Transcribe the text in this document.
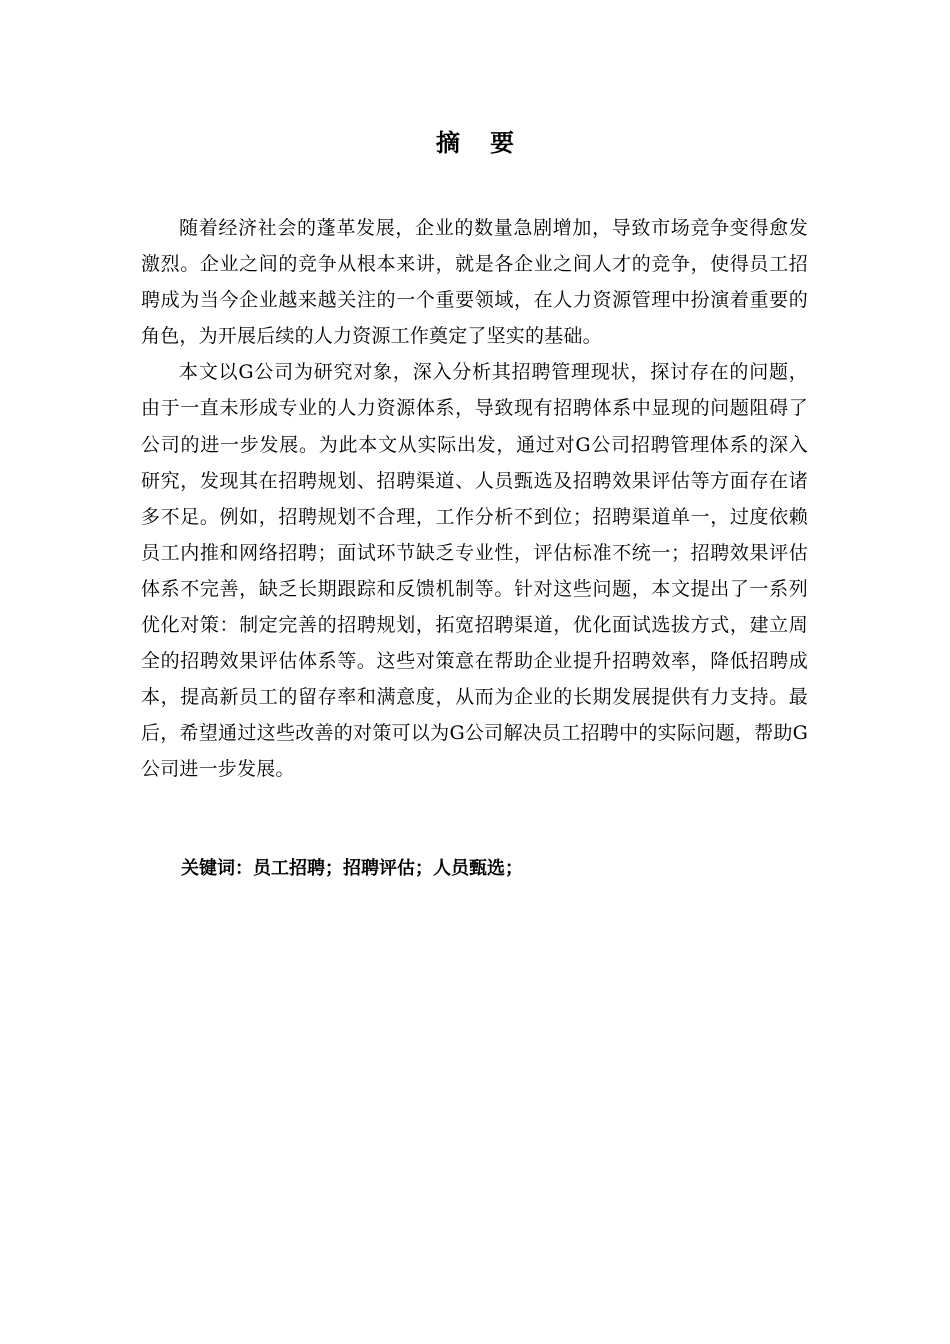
摘 要

随着经济社会的蓬革发展，企业的数量急剧增加，导致市场竞争变得愈发激烈。企业之间的竞争从根本来讲，就是各企业之间人才的竞争，使得员工招聘成为当今企业越来越关注的一个重要领域，在人力资源管理中扮演着重要的角色，为开展后续的人力资源工作奠定了坚实的基础。

本文以G公司为研究对象，深入分析其招聘管理现状，探讨存在的问题，由于一直未形成专业的人力资源体系，导致现有招聘体系中显现的问题阻碍了公司的进一步发展。为此本文从实际出发，通过对G公司招聘管理体系的深入研究，发现其在招聘规划、招聘渠道、人员甄选及招聘效果评估等方面存在诸多不足。例如，招聘规划不合理，工作分析不到位；招聘渠道单一，过度依赖员工内推和网络招聘；面试环节缺乏专业性，评估标准不统一；招聘效果评估体系不完善，缺乏长期跟踪和反馈机制等。针对这些问题，本文提出了一系列优化对策：制定完善的招聘规划，拓宽招聘渠道，优化面试选拔方式，建立周全的招聘效果评估体系等。这些对策意在帮助企业提升招聘效率，降低招聘成本，提高新员工的留存率和满意度，从而为企业的长期发展提供有力支持。最后，希望通过这些改善的对策可以为G公司解决员工招聘中的实际问题，帮助G公司进一步发展。

关键词：员工招聘；招聘评估；人员甄选；
